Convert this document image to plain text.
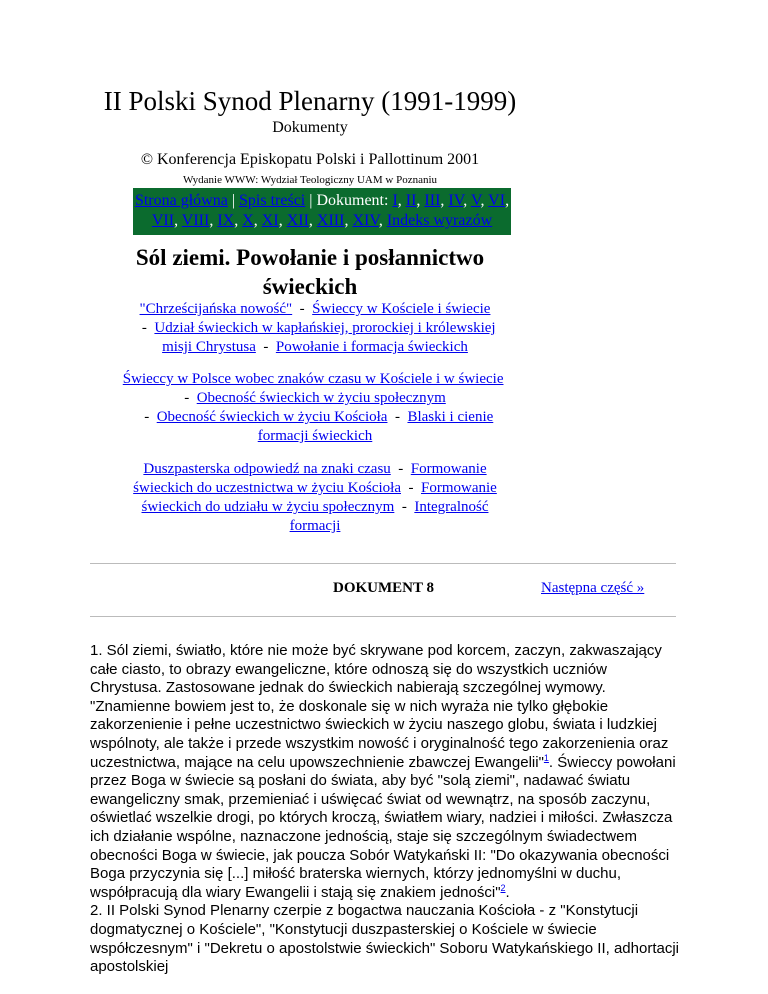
II Polski Synod Plenarny (1991-1999)
Dokumenty
© Konferencja Episkopatu Polski i Pallottinum 2001
Wydanie WWW: Wydział Teologiczny UAM w Poznaniu
Strona główna | Spis treści | Dokument: I, II, III, IV, V, VI,
VII, VIII, IX, X, XI, XII, XIII, XIV, Indeks wyrazów
Sól ziemi. Powołanie i posłannictwo świeckich
"Chrześcijańska nowość"  -  Świeccy w Kościele i świecie
-  Udział świeckich w kapłańskiej, prorockiej i królewskiej misji Chrystusa  -  Powołanie i formacja świeckich
Świeccy w Polsce wobec znaków czasu w Kościele i w świecie  -  Obecność świeckich w życiu społecznym
-  Obecność świeckich w życiu Kościoła  -  Blaski i cienie formacji świeckich
Duszpasterska odpowiedź na znaki czasu  -  Formowanie świeckich do uczestnictwa w życiu Kościoła  -  Formowanie świeckich do udziału w życiu społecznym  -  Integralność formacji
DOKUMENT 8	Następna część »

1. Sól ziemi, światło, które nie może być skrywane pod korcem, zaczyn, zakwaszający całe ciasto, to obrazy ewangeliczne, które odnoszą się do wszystkich uczniów Chrystusa. Zastosowane jednak do świeckich nabierają szczególnej wymowy. "Znamienne bowiem jest to, że doskonale się w nich wyraża nie tylko głębokie zakorzenienie i pełne uczestnictwo świeckich w życiu naszego globu, świata i ludzkiej wspólnoty, ale także i przede wszystkim nowość i oryginalność tego zakorzenienia oraz uczestnictwa, mające na celu upowszechnienie zbawczej Ewangelii"$^1$. Świeccy powołani przez Boga w świecie są posłani do świata, aby być "solą ziemi", nadawać światu ewangeliczny smak, przemieniać i uświęcać świat od wewnątrz, na sposób zaczynu, oświetlać wszelkie drogi, po których kroczą, światłem wiary, nadziei i miłości. Zwłaszcza ich działanie wspólne, naznaczone jednością, staje się szczególnym świadectwem obecności Boga w świecie, jak poucza Sobór Watykański II: "Do okazywania obecności Boga przyczynia się [...] miłość braterska wiernych, którzy jednomyślni w duchu, współpracują dla wiary Ewangelii i stają się znakiem jedności"$^2$.

2. II Polski Synod Plenarny czerpie z bogactwa nauczania Kościoła - z "Konstytucji dogmatycznej o Kościele", "Konstytucji duszpasterskiej o Kościele w świecie współczesnym" i "Dekretu o apostolstwie świeckich" Soboru Watykańskiego II, adhortacji apostolskiej
